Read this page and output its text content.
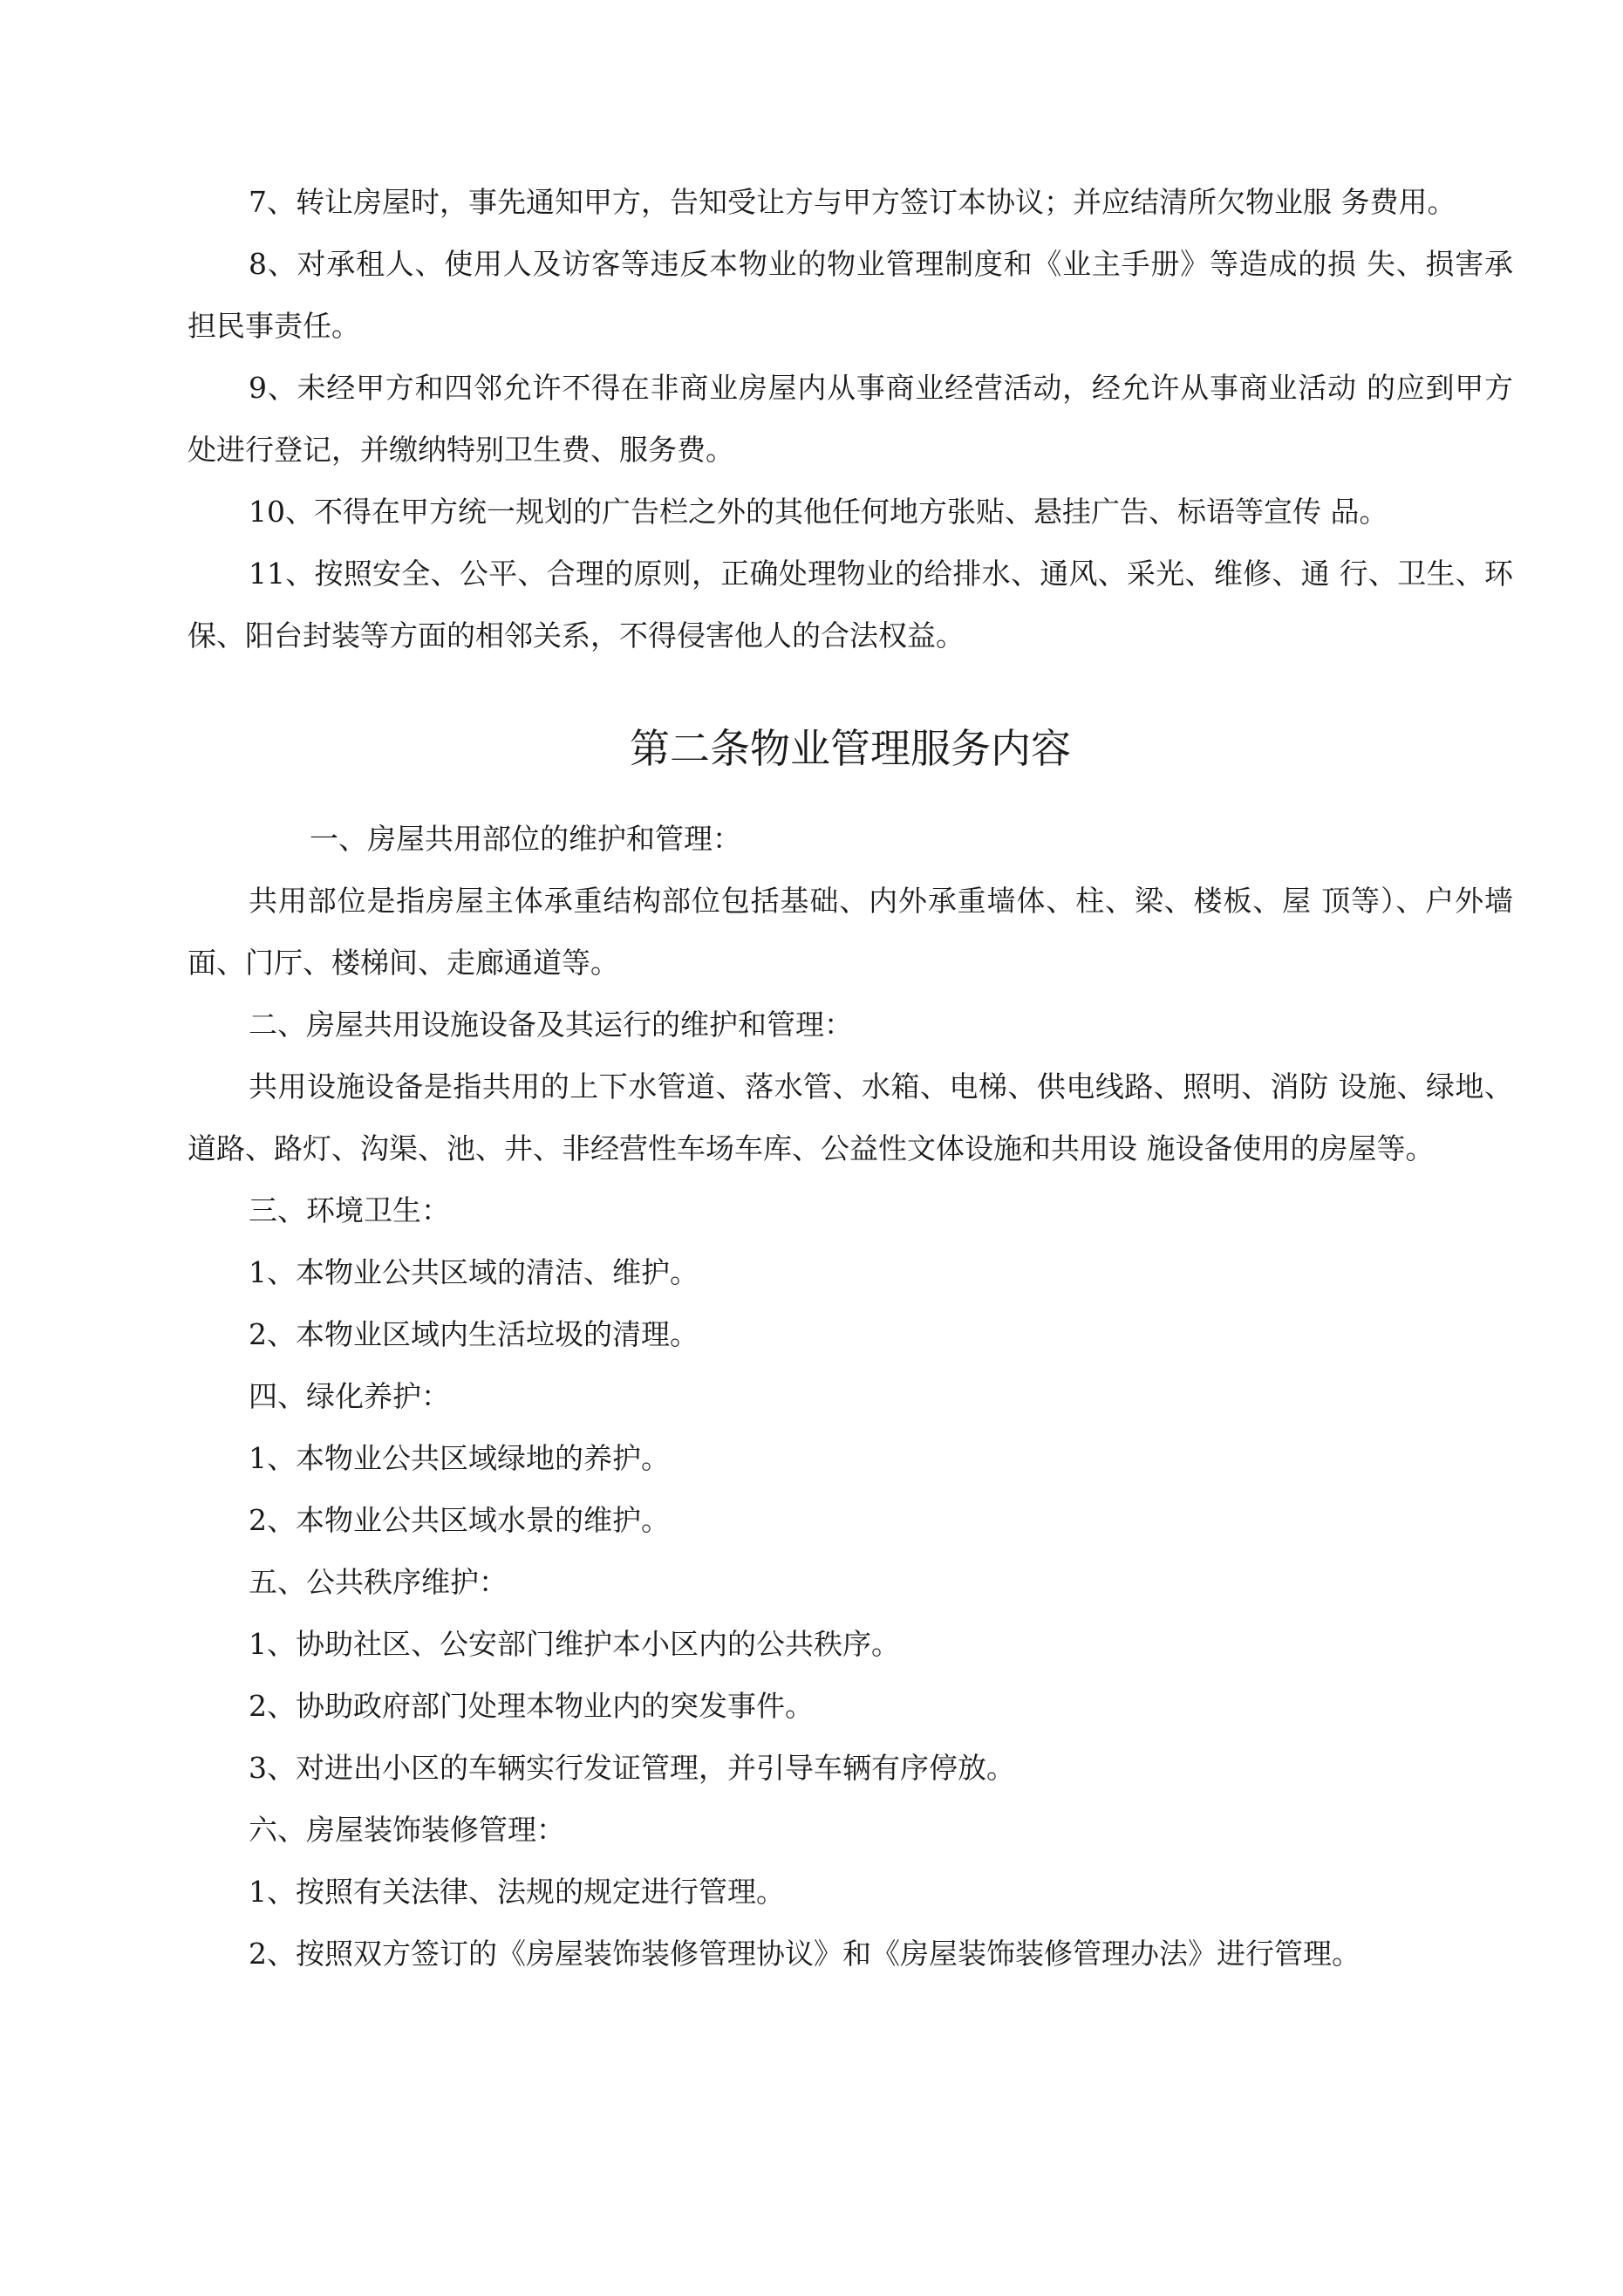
7、转让房屋时，事先通知甲方，告知受让方与甲方签订本协议；并应结清所欠物业服 务费用。

8、对承租人、使用人及访客等违反本物业的物业管理制度和《业主手册》等造成的损 失、损害承担民事责任。

9、未经甲方和四邻允许不得在非商业房屋内从事商业经营活动，经允许从事商业活动 的应到甲方处进行登记，并缴纳特别卫生费、服务费。

10、不得在甲方统一规划的广告栏之外的其他任何地方张贴、悬挂广告、标语等宣传 品。

11、按照安全、公平、合理的原则，正确处理物业的给排水、通风、采光、维修、通 行、卫生、环保、阳台封装等方面的相邻关系，不得侵害他人的合法权益。

第二条物业管理服务内容

一、房屋共用部位的维护和管理：

共用部位是指房屋主体承重结构部位包括基础、内外承重墙体、柱、梁、楼板、屋 顶等）、户外墙面、门厅、楼梯间、走廊通道等。

二、房屋共用设施设备及其运行的维护和管理：

共用设施设备是指共用的上下水管道、落水管、水箱、电梯、供电线路、照明、消防 设施、绿地、道路、路灯、沟渠、池、井、非经营性车场车库、公益性文体设施和共用设 施设备使用的房屋等。

三、环境卫生：

1、本物业公共区域的清洁、维护。

2、本物业区域内生活垃圾的清理。

四、绿化养护：

1、本物业公共区域绿地的养护。

2、本物业公共区域水景的维护。

五、公共秩序维护：

1、协助社区、公安部门维护本小区内的公共秩序。

2、协助政府部门处理本物业内的突发事件。

3、对进出小区的车辆实行发证管理，并引导车辆有序停放。

六、房屋装饰装修管理：

1、按照有关法律、法规的规定进行管理。

2、按照双方签订的《房屋装饰装修管理协议》和《房屋装饰装修管理办法》进行管理。
